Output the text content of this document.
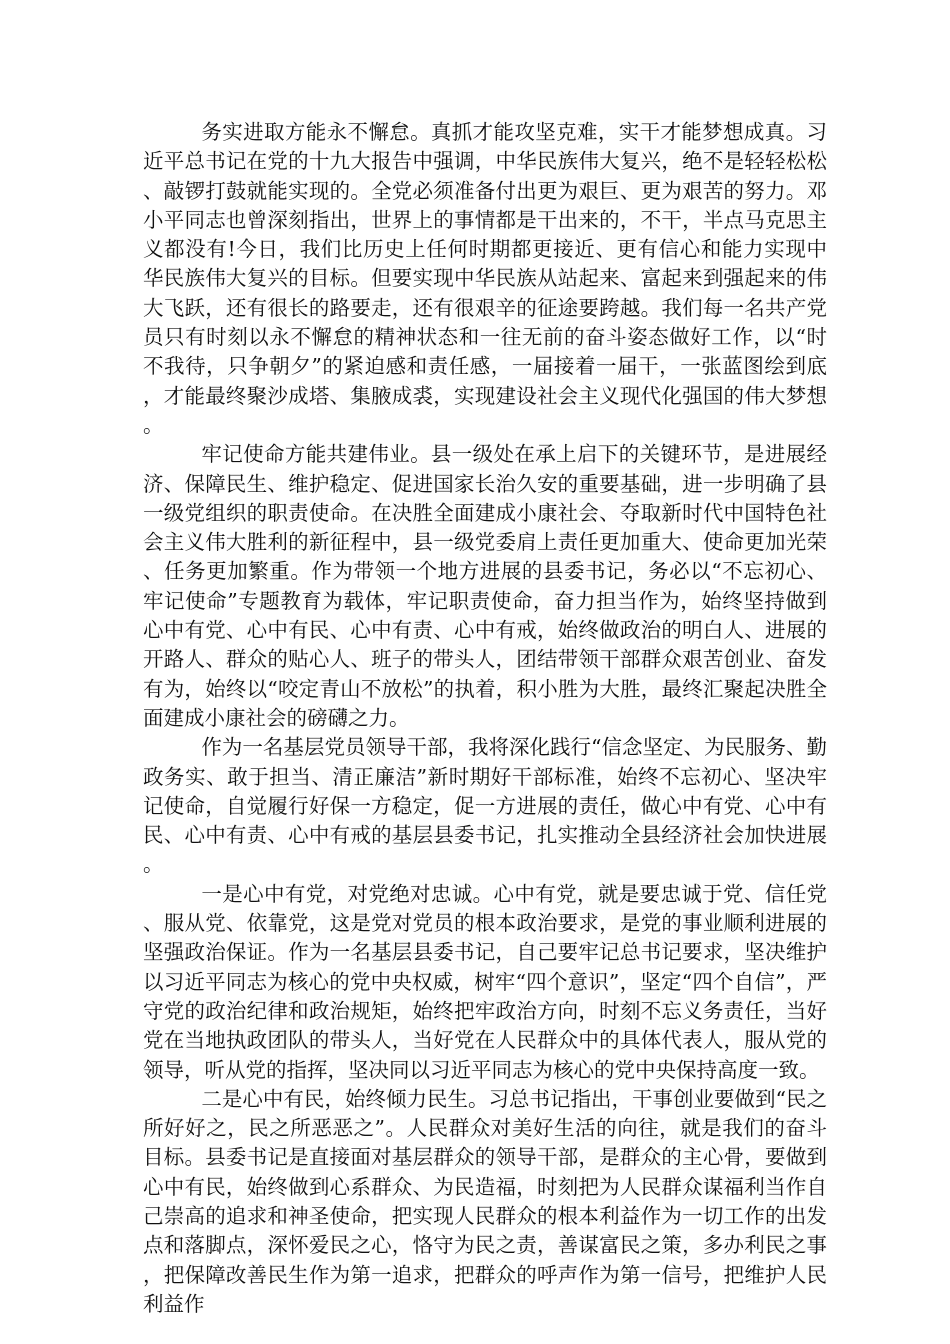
务实进取方能永不懈怠。真抓才能攻坚克难，实干才能梦想成真。习近平总书记在党的十九大报告中强调，中华民族伟大复兴，绝不是轻轻松松、敲锣打鼓就能实现的。全党必须准备付出更为艰巨、更为艰苦的努力。邓小平同志也曾深刻指出，世界上的事情都是干出来的，不干，半点马克思主义都没有!今日，我们比历史上任何时期都更接近、更有信心和能力实现中华民族伟大复兴的目标。但要实现中华民族从站起来、富起来到强起来的伟大飞跃，还有很长的路要走，还有很艰辛的征途要跨越。我们每一名共产党员只有时刻以永不懈怠的精神状态和一往无前的奋斗姿态做好工作，以“时不我待，只争朝夕”的紧迫感和责任感，一届接着一届干，一张蓝图绘到底，才能最终聚沙成塔、集腋成裘，实现建设社会主义现代化强国的伟大梦想。

牢记使命方能共建伟业。县一级处在承上启下的关键环节，是进展经济、保障民生、维护稳定、促进国家长治久安的重要基础，进一步明确了县一级党组织的职责使命。在决胜全面建成小康社会、夺取新时代中国特色社会主义伟大胜利的新征程中，县一级党委肩上责任更加重大、使命更加光荣、任务更加繁重。作为带领一个地方进展的县委书记，务必以“不忘初心、牢记使命”专题教育为载体，牢记职责使命，奋力担当作为，始终坚持做到心中有党、心中有民、心中有责、心中有戒，始终做政治的明白人、进展的开路人、群众的贴心人、班子的带头人，团结带领干部群众艰苦创业、奋发有为，始终以“咬定青山不放松”的执着，积小胜为大胜，最终汇聚起决胜全面建成小康社会的磅礴之力。

作为一名基层党员领导干部，我将深化践行“信念坚定、为民服务、勤政务实、敢于担当、清正廉洁”新时期好干部标准，始终不忘初心、坚决牢记使命，自觉履行好保一方稳定，促一方进展的责任，做心中有党、心中有民、心中有责、心中有戒的基层县委书记，扎实推动全县经济社会加快进展。

一是心中有党，对党绝对忠诚。心中有党，就是要忠诚于党、信任党、服从党、依靠党，这是党对党员的根本政治要求，是党的事业顺利进展的坚强政治保证。作为一名基层县委书记，自己要牢记总书记要求，坚决维护以习近平同志为核心的党中央权威，树牢“四个意识”，坚定“四个自信”，严守党的政治纪律和政治规矩，始终把牢政治方向，时刻不忘义务责任，当好党在当地执政团队的带头人，当好党在人民群众中的具体代表人，服从党的领导，听从党的指挥，坚决同以习近平同志为核心的党中央保持高度一致。

二是心中有民，始终倾力民生。习总书记指出，干事创业要做到“民之所好好之，民之所恶恶之”。人民群众对美好生活的向往，就是我们的奋斗目标。县委书记是直接面对基层群众的领导干部，是群众的主心骨，要做到心中有民，始终做到心系群众、为民造福，时刻把为人民群众谋福利当作自己崇高的追求和神圣使命，把实现人民群众的根本利益作为一切工作的出发点和落脚点，深怀爱民之心，恪守为民之责，善谋富民之策，多办利民之事，把保障改善民生作为第一追求，把群众的呼声作为第一信号，把维护人民利益作
